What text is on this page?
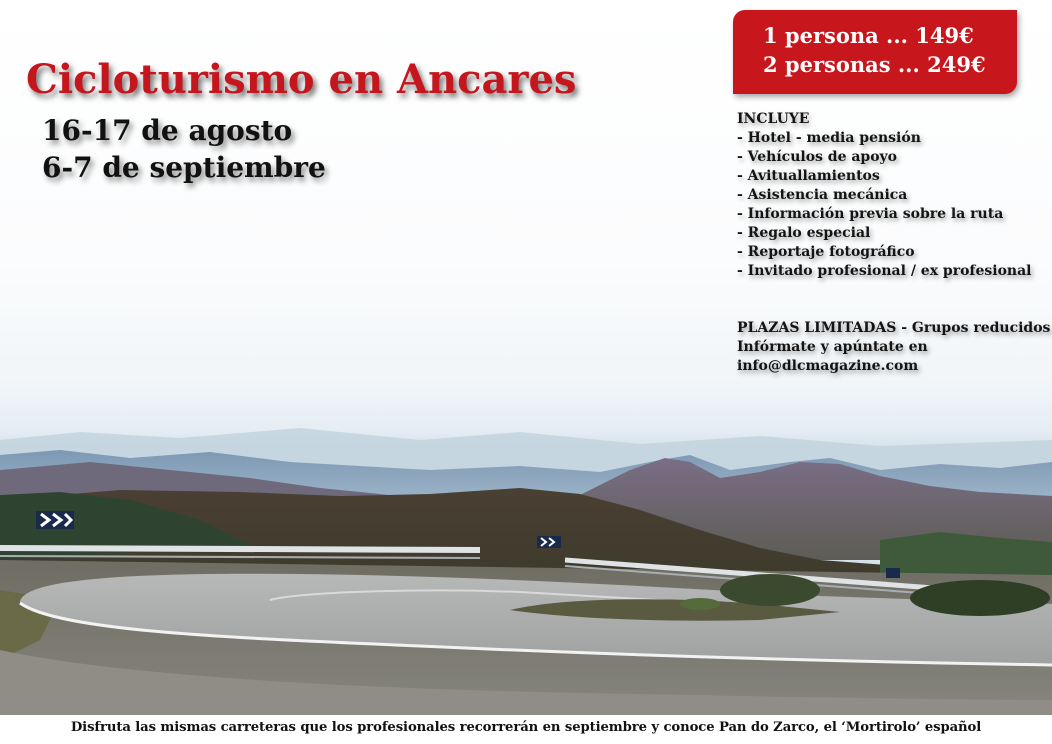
Cicloturismo en Ancares
16-17 de agosto
6-7 de septiembre
1 persona ... 149€
2 personas ... 249€
INCLUYE
- Hotel - media pensión
- Vehículos de apoyo
- Avituallamientos
- Asistencia mecánica
- Información previa sobre la ruta
- Regalo especial
- Reportaje fotográfico
- Invitado profesional / ex profesional
PLAZAS LIMITADAS - Grupos reducidos
Infórmate y apúntate en
info@dlcmagazine.com
Disfruta las mismas carreteras que los profesionales recorrerán en septiembre y conoce Pan do Zarco, el ‘Mortirolo’ español
